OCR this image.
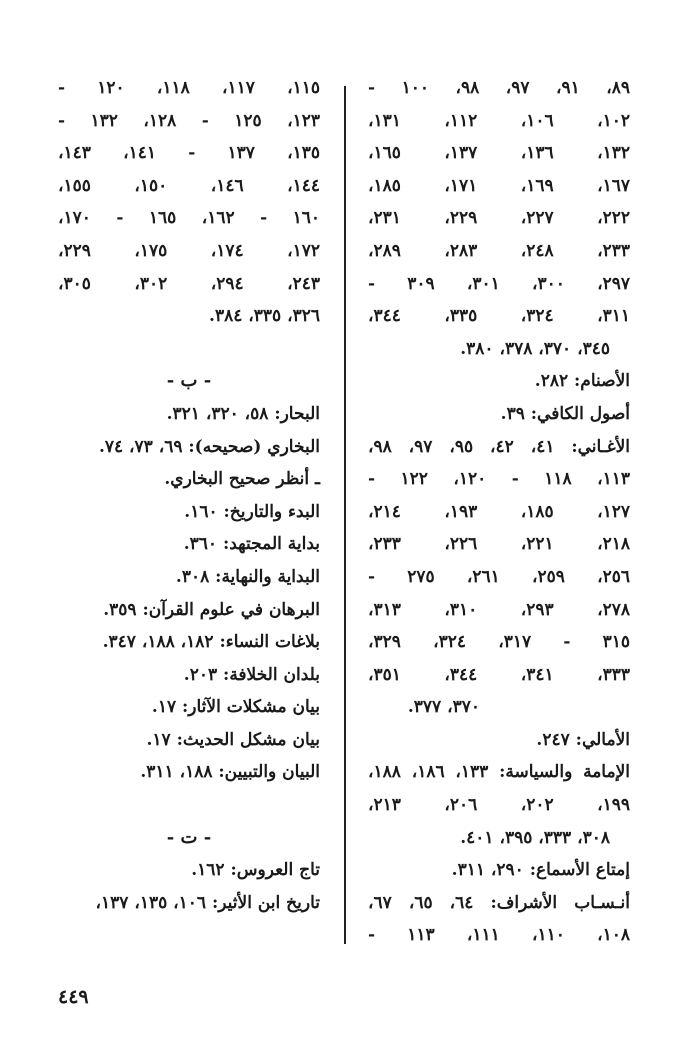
٨٩، ٩١، ٩٧، ٩٨، ١٠٠ -
١٠٢، ١٠٦، ١١٢، ١٣١،
١٣٢، ١٣٦، ١٣٧، ١٦٥،
١٦٧، ١٦٩، ١٧١، ١٨٥،
٢٢٢، ٢٢٧، ٢٢٩، ٢٣١،
٢٣٣، ٢٤٨، ٢٨٣، ٢٨٩،
٢٩٧، ٣٠٠، ٣٠١، ٣٠٩ -
٣١١، ٣٢٤، ٣٣٥، ٣٤٤،
٣٤٥، ٣٧٠، ٣٧٨، ٣٨٠.
الأصنام: ٢٨٢.
أصول الكافي: ٣٩.
الأغـاني: ٤١، ٤٢، ٩٥، ٩٧، ٩٨،
١١٣، ١١٨ - ١٢٠، ١٢٢ -
١٢٧، ١٨٥، ١٩٣، ٢١٤،
٢١٨، ٢٢١، ٢٢٦، ٢٣٣،
٢٥٦، ٢٥٩، ٢٦١، ٢٧٥ -
٢٧٨، ٢٩٣، ٣١٠، ٣١٣،
٣١٥ - ٣١٧، ٣٢٤، ٣٢٩،
٣٣٣، ٣٤١، ٣٤٤، ٣٥١،
٣٧٠، ٣٧٧.
الأمالي: ٢٤٧.
الإمامة والسياسة: ١٣٣، ١٨٦، ١٨٨،
١٩٩، ٢٠٢، ٢٠٦، ٢١٣،
٣٠٨، ٣٣٣، ٣٩٥، ٤٠١.
إمتاع الأسماع: ٢٩٠، ٣١١.
أنـسـاب الأشراف: ٦٤، ٦٥، ٦٧،
١٠٨، ١١٠، ١١١، ١١٣ -
١١٥، ١١٧، ١١٨، ١٢٠ -
١٢٣، ١٢٥ - ١٢٨، ١٣٢ -
١٣٥، ١٣٧ - ١٤١، ١٤٣،
١٤٤، ١٤٦، ١٥٠، ١٥٥،
١٦٠ - ١٦٢، ١٦٥ - ١٧٠،
١٧٢، ١٧٤، ١٧٥، ٢٢٩،
٢٤٣، ٢٩٤، ٣٠٢، ٣٠٥،
٣٢٦، ٣٣٥، ٣٨٤.
- ب -
البحار: ٥٨، ٣٢٠، ٣٢١.
البخاري (صحيحه): ٦٩، ٧٣، ٧٤.
ـ أنظر صحيح البخاري.
البدء والتاريخ: ١٦٠.
بداية المجتهد: ٣٦٠.
البداية والنهاية: ٣٠٨.
البرهان في علوم القرآن: ٣٥٩.
بلاغات النساء: ١٨٢، ١٨٨، ٣٤٧.
بلدان الخلافة: ٢٠٣.
بيان مشكلات الآثار: ١٧.
بيان مشكل الحديث: ١٧.
البيان والتبيين: ١٨٨، ٣١١.
- ت -
تاج العروس: ١٦٢.
تاريخ ابن الأثير: ١٠٦، ١٣٥، ١٣٧،
٤٤٩
